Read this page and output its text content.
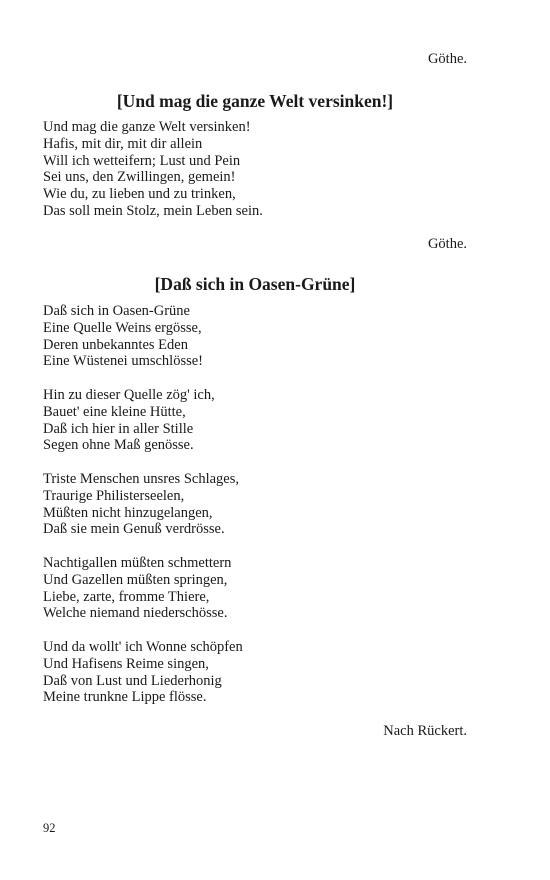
Göthe.
[Und mag die ganze Welt versinken!]
Und mag die ganze Welt versinken!
Hafis, mit dir, mit dir allein
Will ich wetteifern; Lust und Pein
Sei uns, den Zwillingen, gemein!
Wie du, zu lieben und zu trinken,
Das soll mein Stolz, mein Leben sein.
Göthe.
[Daß sich in Oasen-Grüne]
Daß sich in Oasen-Grüne
Eine Quelle Weins ergösse,
Deren unbekanntes Eden
Eine Wüstenei umschlösse!
Hin zu dieser Quelle zög' ich,
Bauet' eine kleine Hütte,
Daß ich hier in aller Stille
Segen ohne Maß genösse.
Triste Menschen unsres Schlages,
Traurige Philisterseelen,
Müßten nicht hinzugelangen,
Daß sie mein Genuß verdrösse.
Nachtigallen müßten schmettern
Und Gazellen müßten springen,
Liebe, zarte, fromme Thiere,
Welche niemand niederschösse.
Und da wollt' ich Wonne schöpfen
Und Hafisens Reime singen,
Daß von Lust und Liederhonig
Meine trunkne Lippe flösse.
Nach Rückert.
92
